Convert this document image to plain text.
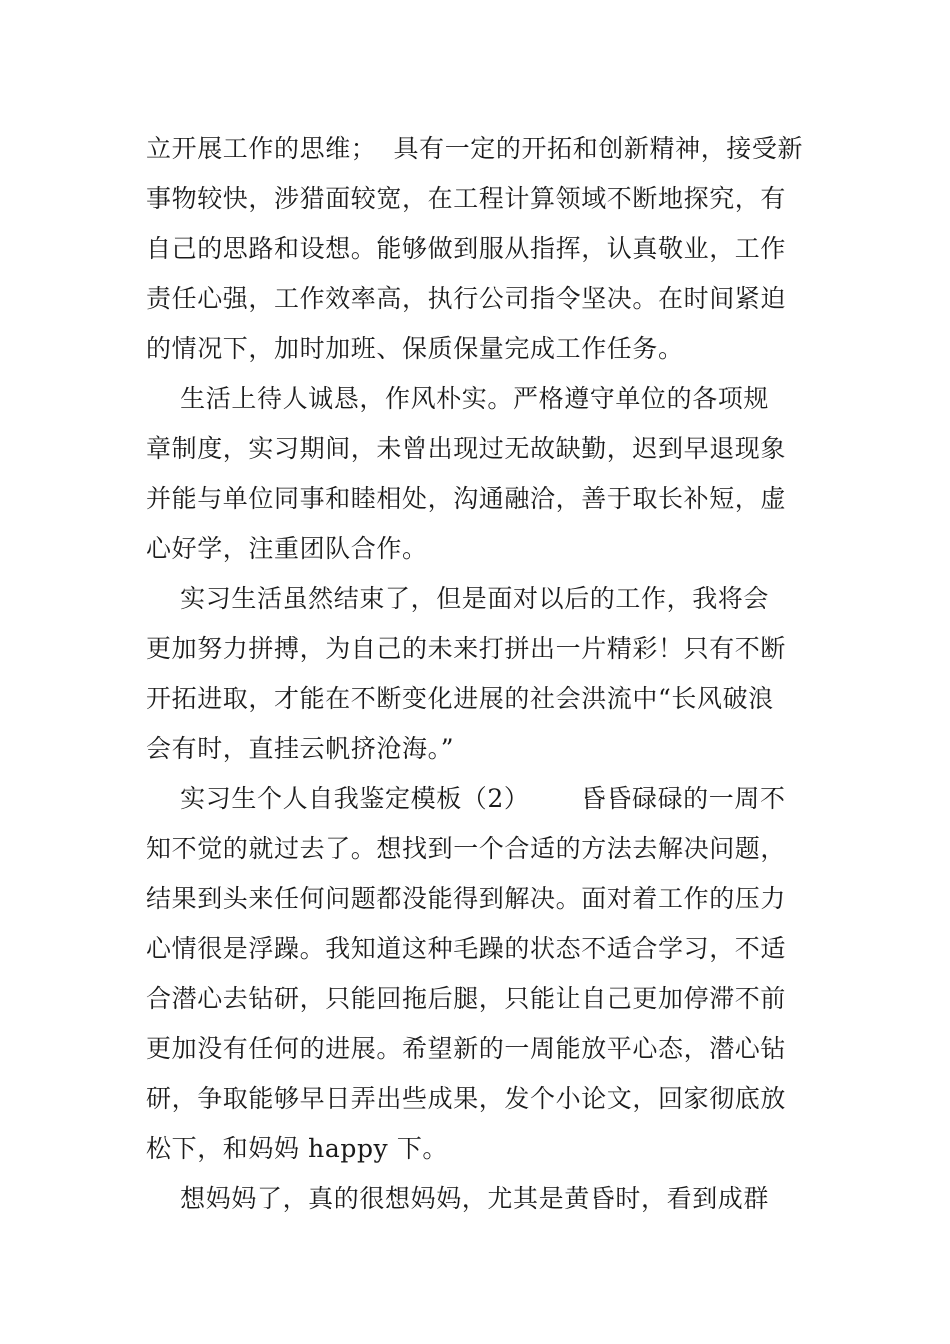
立开展工作的思维；  具有一定的开拓和创新精神，接受新
事物较快，涉猎面较宽，在工程计算领域不断地探究，有
自己的思路和设想。能够做到服从指挥，认真敬业，工作
责任心强，工作效率高，执行公司指令坚决。在时间紧迫
的情况下，加时加班、保质保量完成工作任务。
生活上待人诚恳，作风朴实。严格遵守单位的各项规
章制度，实习期间，未曾出现过无故缺勤，迟到早退现象
并能与单位同事和睦相处，沟通融洽，善于取长补短，虚
心好学，注重团队合作。
实习生活虽然结束了，但是面对以后的工作，我将会
更加努力拼搏，为自己的未来打拼出一片精彩！只有不断
开拓进取，才能在不断变化进展的社会洪流中“长风破浪
会有时，直挂云帆挤沧海。”
实习生个人自我鉴定模板（2）      昏昏碌碌的一周不
知不觉的就过去了。想找到一个合适的方法去解决问题，
结果到头来任何问题都没能得到解决。面对着工作的压力
心情很是浮躁。我知道这种毛躁的状态不适合学习，不适
合潜心去钻研，只能回拖后腿，只能让自己更加停滞不前
更加没有任何的进展。希望新的一周能放平心态，潜心钻
研，争取能够早日弄出些成果，发个小论文，回家彻底放
松下，和妈妈 happy 下。
想妈妈了，真的很想妈妈，尤其是黄昏时，看到成群
